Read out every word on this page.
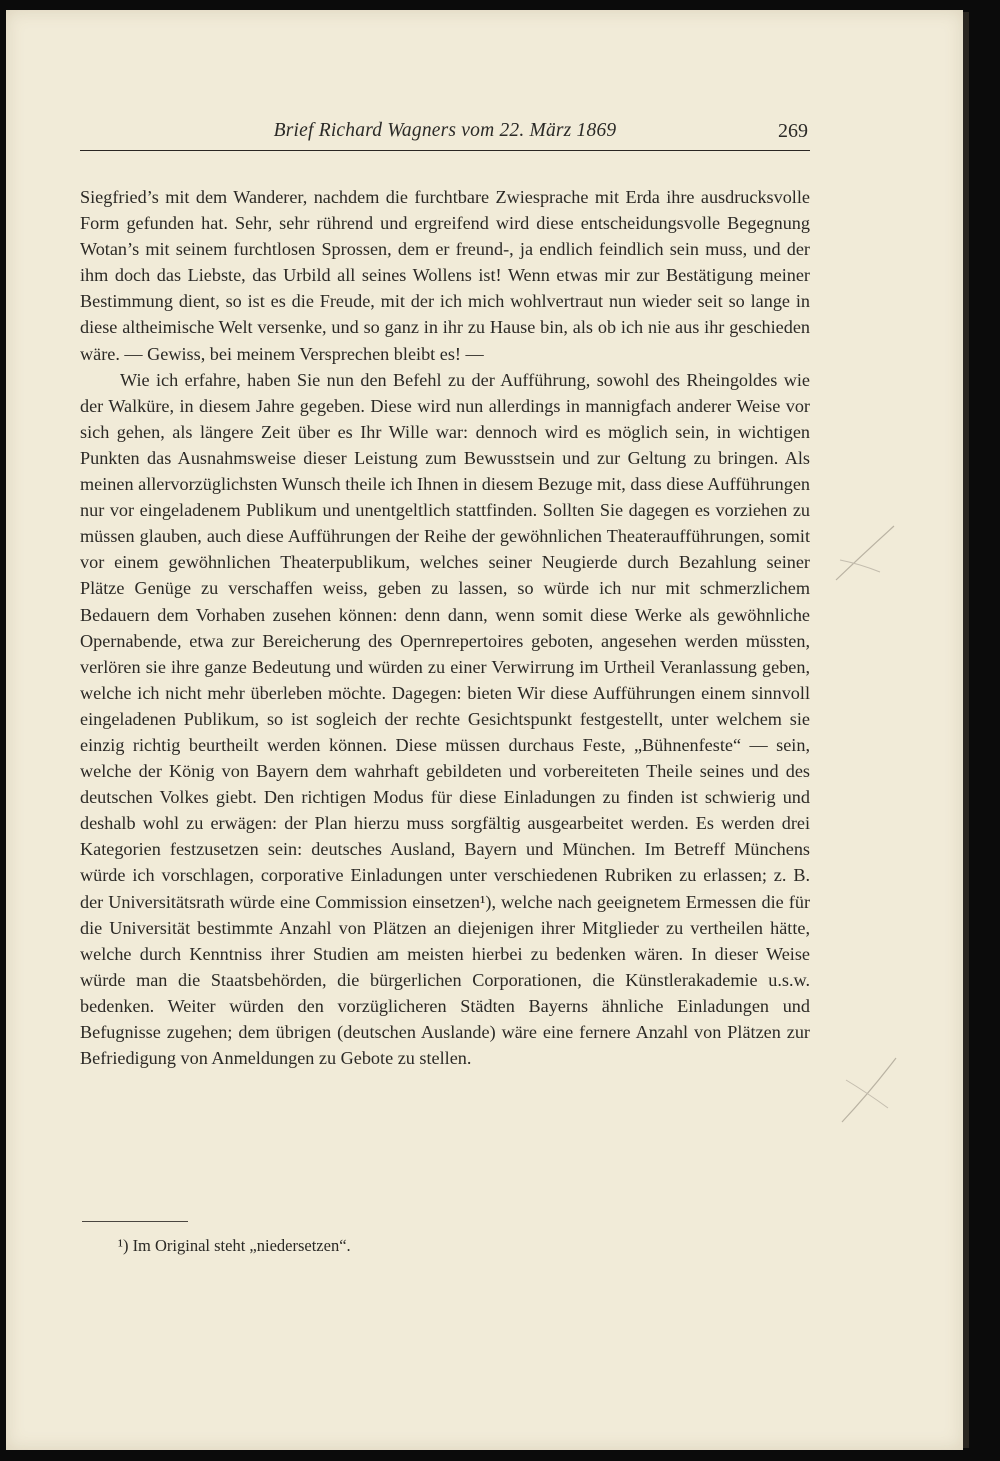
Brief Richard Wagners vom 22. März 1869	269

Siegfried’s mit dem Wanderer, nachdem die furchtbare Zwiesprache mit Erda ihre ausdrucksvolle Form gefunden hat. Sehr, sehr rührend und ergreifend wird diese entscheidungsvolle Begegnung Wotan’s mit seinem furchtlosen Sprossen, dem er freund-, ja endlich feindlich sein muss, und der ihm doch das Liebste, das Urbild all seines Wollens ist! Wenn etwas mir zur Bestätigung meiner Bestimmung dient, so ist es die Freude, mit der ich mich wohlvertraut nun wieder seit so lange in diese altheimische Welt versenke, und so ganz in ihr zu Hause bin, als ob ich nie aus ihr geschieden wäre. — Gewiss, bei meinem Versprechen bleibt es! —

Wie ich erfahre, haben Sie nun den Befehl zu der Aufführung, sowohl des Rheingoldes wie der Walküre, in diesem Jahre gegeben. Diese wird nun allerdings in mannigfach anderer Weise vor sich gehen, als längere Zeit über es Ihr Wille war: dennoch wird es möglich sein, in wichtigen Punkten das Ausnahmsweise dieser Leistung zum Bewusstsein und zur Geltung zu bringen. Als meinen allervorzüglichsten Wunsch theile ich Ihnen in diesem Bezuge mit, dass diese Aufführungen nur vor eingeladenem Publikum und unentgeltlich stattfinden. Sollten Sie dagegen es vorziehen zu müssen glauben, auch diese Aufführungen der Reihe der gewöhnlichen Theateraufführungen, somit vor einem gewöhnlichen Theaterpublikum, welches seiner Neugierde durch Bezahlung seiner Plätze Genüge zu verschaffen weiss, geben zu lassen, so würde ich nur mit schmerzlichem Bedauern dem Vorhaben zusehen können: denn dann, wenn somit diese Werke als gewöhnliche Opernabende, etwa zur Bereicherung des Opernrepertoires geboten, angesehen werden müssten, verlören sie ihre ganze Bedeutung und würden zu einer Verwirrung im Urtheil Veranlassung geben, welche ich nicht mehr überleben möchte. Dagegen: bieten Wir diese Aufführungen einem sinnvoll eingeladenen Publikum, so ist sogleich der rechte Gesichtspunkt festgestellt, unter welchem sie einzig richtig beurtheilt werden können. Diese müssen durchaus Feste, „Bühnenfeste“ — sein, welche der König von Bayern dem wahrhaft gebildeten und vorbereiteten Theile seines und des deutschen Volkes giebt. Den richtigen Modus für diese Einladungen zu finden ist schwierig und deshalb wohl zu erwägen: der Plan hierzu muss sorgfältig ausgearbeitet werden. Es werden drei Kategorien festzusetzen sein: deutsches Ausland, Bayern und München. Im Betreff Münchens würde ich vorschlagen, corporative Einladungen unter verschiedenen Rubriken zu erlassen; z. B. der Universitätsrath würde eine Commission einsetzen¹), welche nach geeignetem Ermessen die für die Universität bestimmte Anzahl von Plätzen an diejenigen ihrer Mitglieder zu vertheilen hätte, welche durch Kenntniss ihrer Studien am meisten hierbei zu bedenken wären. In dieser Weise würde man die Staatsbehörden, die bürgerlichen Corporationen, die Künstlerakademie u.s.w. bedenken. Weiter würden den vorzüglicheren Städten Bayerns ähnliche Einladungen und Befugnisse zugehen; dem übrigen (deutschen Auslande) wäre eine fernere Anzahl von Plätzen zur Befriedigung von Anmeldungen zu Gebote zu stellen.

¹) Im Original steht „niedersetzen“.
